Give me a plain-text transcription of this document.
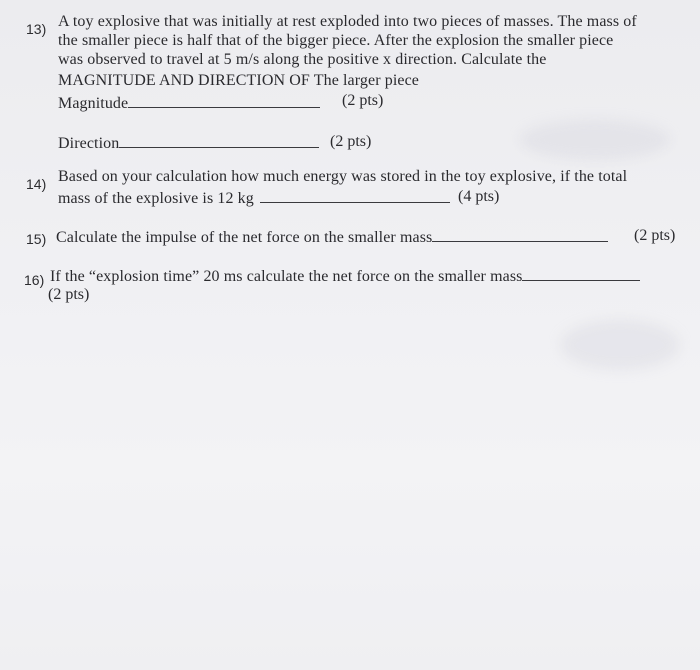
13) A toy explosive that was initially at rest exploded into two pieces of masses. The mass of
the smaller piece is half that of the bigger piece. After the explosion the smaller piece
was observed to travel at 5 m/s along the positive x direction. Calculate the
MAGNITUDE AND DIRECTION OF The larger piece
Magnitude	(2 pts)
Direction	(2 pts)
14) Based on your calculation how much energy was stored in the toy explosive, if the total
mass of the explosive is 12 kg	(4 pts)
15) Calculate the impulse of the net force on the smaller mass	(2 pts)
16) If the “explosion time” 20 ms calculate the net force on the smaller mass
(2 pts)
